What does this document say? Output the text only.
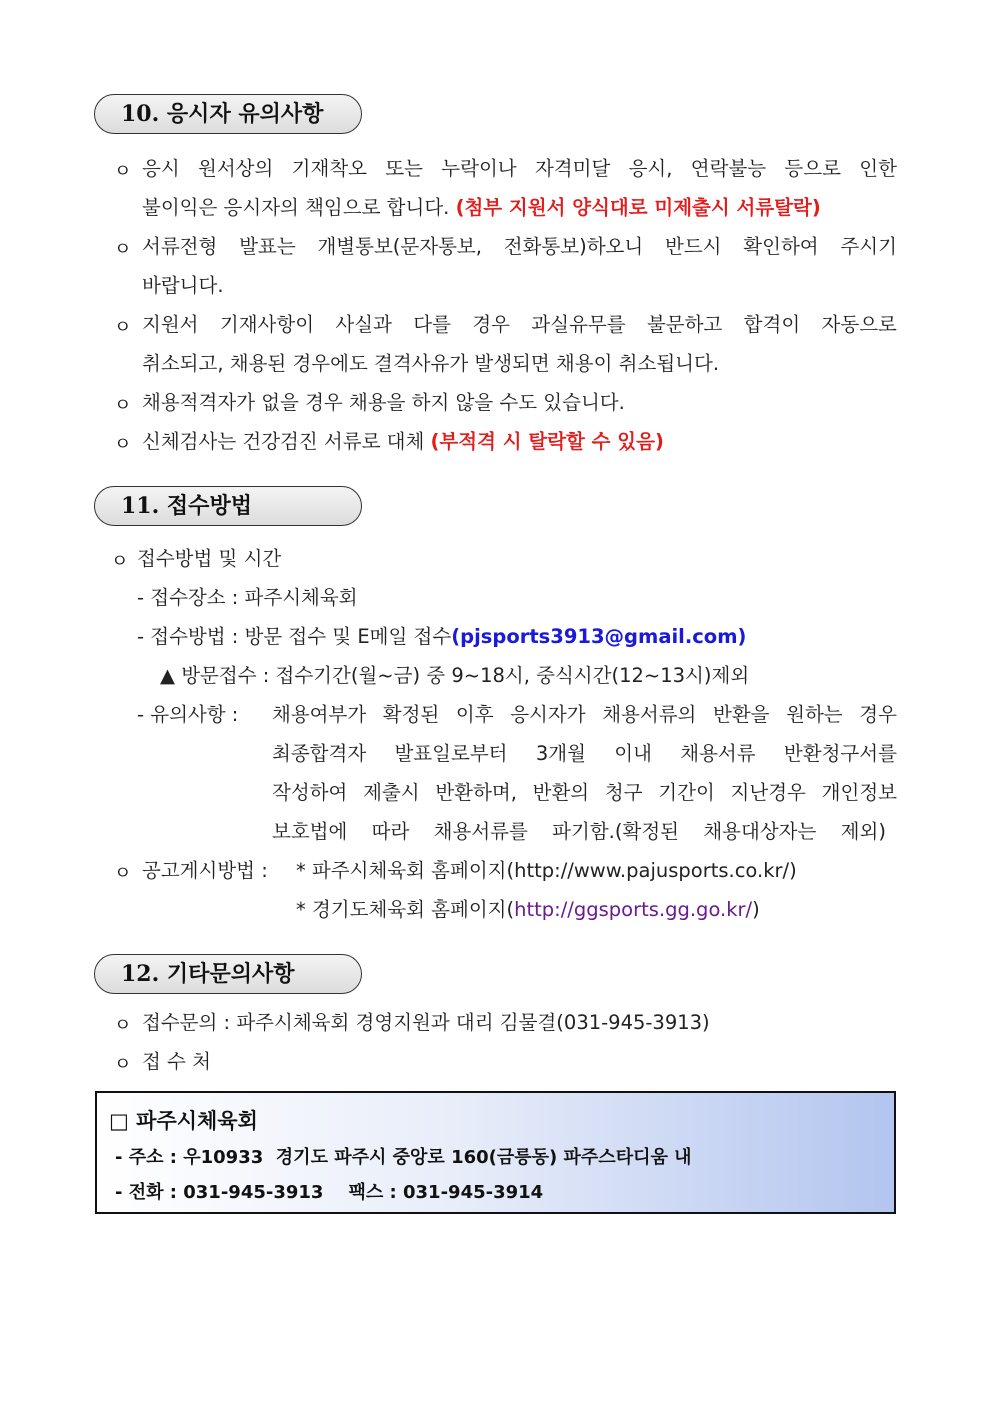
10. 응시자 유의사항
ㅇ 응시 원서상의 기재착오 또는 누락이나 자격미달 응시, 연락불능 등으로 인한
불이익은 응시자의 책임으로 합니다. (첨부 지원서 양식대로 미제출시 서류탈락)
ㅇ 서류전형 발표는 개별통보(문자통보, 전화통보)하오니 반드시 확인하여 주시기
바랍니다.
ㅇ 지원서 기재사항이 사실과 다를 경우 과실유무를 불문하고 합격이 자동으로
취소되고, 채용된 경우에도 결격사유가 발생되면 채용이 취소됩니다.
ㅇ 채용적격자가 없을 경우 채용을 하지 않을 수도 있습니다.
ㅇ 신체검사는 건강검진 서류로 대체 (부적격 시 탈락할 수 있음)
11. 접수방법
ㅇ 접수방법 및 시간
- 접수장소 : 파주시체육회
- 접수방법 : 방문 접수 및 E메일 접수(pjsports3913@gmail.com)
▲ 방문접수 : 접수기간(월~금) 중 9~18시, 중식시간(12~13시)제외
- 유의사항 : 채용여부가 확정된 이후 응시자가 채용서류의 반환을 원하는 경우
최종합격자 발표일로부터 3개월 이내 채용서류 반환청구서를
작성하여 제출시 반환하며, 반환의 청구 기간이 지난경우 개인정보
보호법에 따라 채용서류를 파기함.(확정된 채용대상자는 제외)
ㅇ 공고게시방법 : * 파주시체육회 홈페이지(http://www.pajusports.co.kr/)
* 경기도체육회 홈페이지(http://ggsports.gg.go.kr/)
12. 기타문의사항
ㅇ 접수문의 : 파주시체육회 경영지원과 대리 김물결(031-945-3913)
ㅇ 접 수 처
□ 파주시체육회
- 주소 : 우10933  경기도 파주시 중앙로 160(금릉동) 파주스타디움 내
- 전화 : 031-945-3913    팩스 : 031-945-3914
